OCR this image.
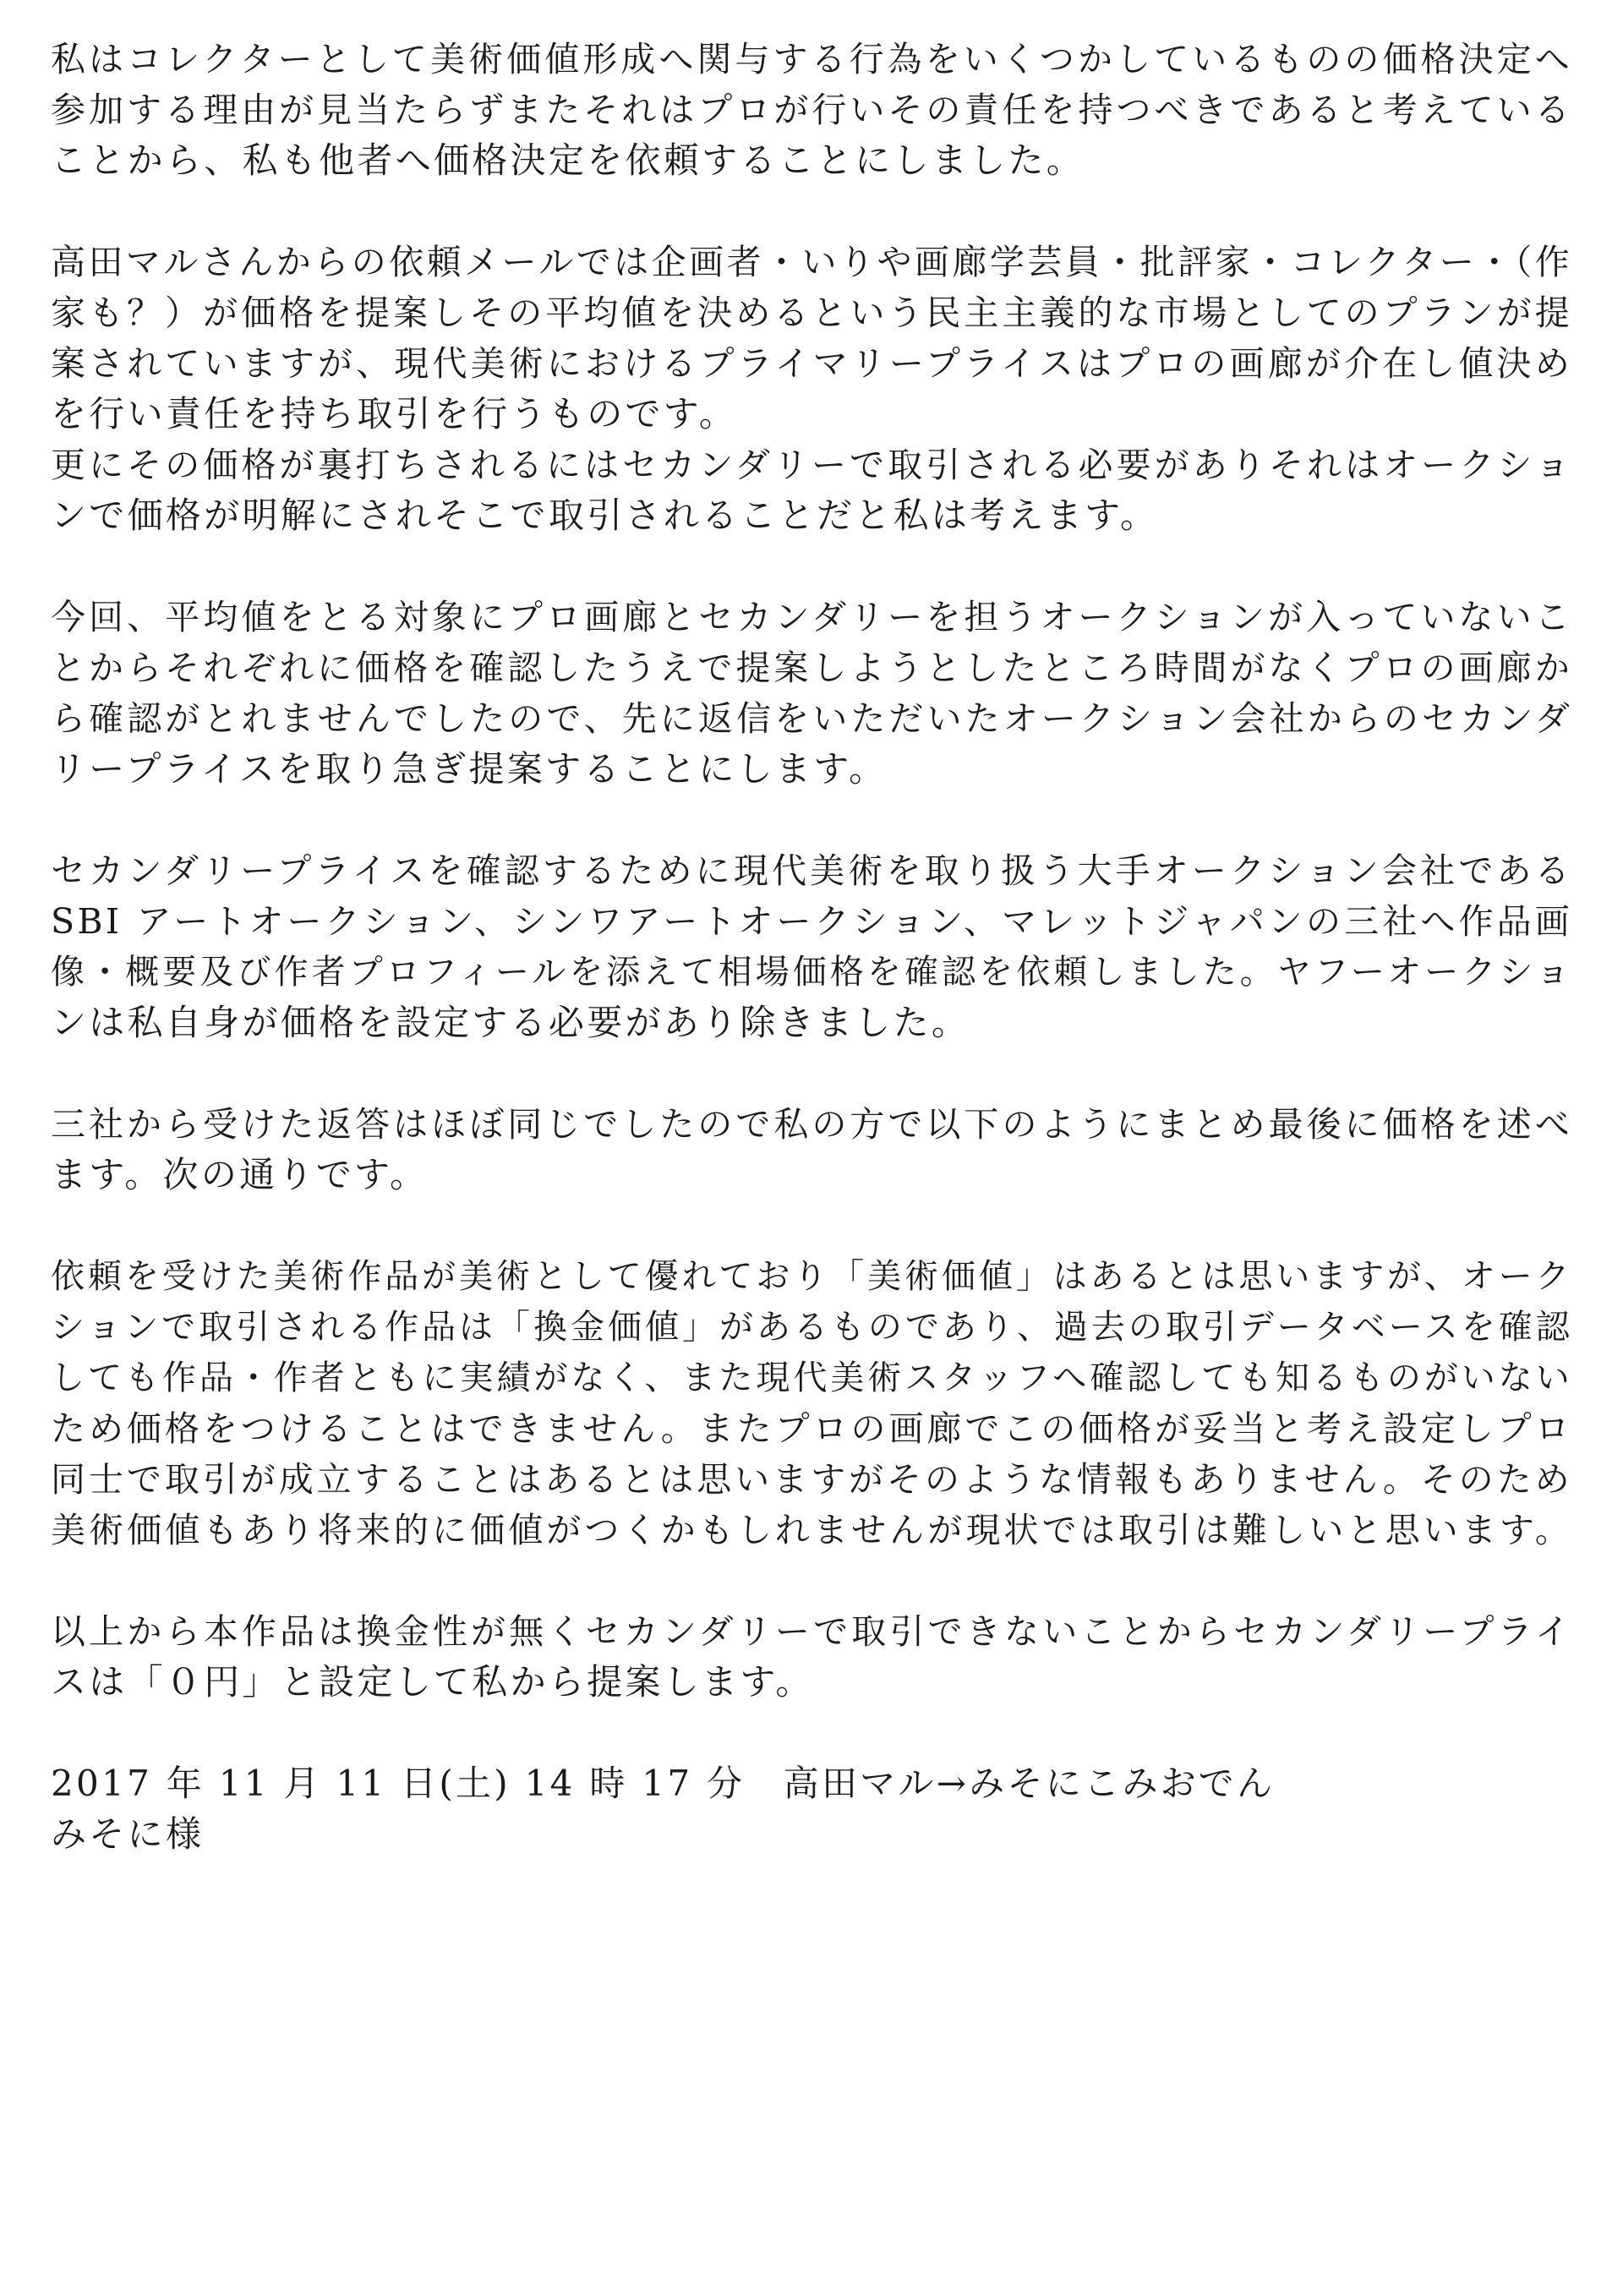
私はコレクターとして美術価値形成へ関与する行為をいくつかしているものの価格決定へ
参加する理由が見当たらずまたそれはプロが行いその責任を持つべきであると考えている
ことから、私も他者へ価格決定を依頼することにしました。

高田マルさんからの依頼メールでは企画者・いりや画廊学芸員・批評家・コレクター・（作
家も？）が価格を提案しその平均値を決めるという民主主義的な市場としてのプランが提
案されていますが、現代美術におけるプライマリープライスはプロの画廊が介在し値決め
を行い責任を持ち取引を行うものです。
更にその価格が裏打ちされるにはセカンダリーで取引される必要がありそれはオークショ
ンで価格が明解にされそこで取引されることだと私は考えます。

今回、平均値をとる対象にプロ画廊とセカンダリーを担うオークションが入っていないこ
とからそれぞれに価格を確認したうえで提案しようとしたところ時間がなくプロの画廊か
ら確認がとれませんでしたので、先に返信をいただいたオークション会社からのセカンダ
リープライスを取り急ぎ提案することにします。

セカンダリープライスを確認するために現代美術を取り扱う大手オークション会社である
SBI アートオークション、シンワアートオークション、マレットジャパンの三社へ作品画
像・概要及び作者プロフィールを添えて相場価格を確認を依頼しました。ヤフーオークショ
ンは私自身が価格を設定する必要があり除きました。

三社から受けた返答はほぼ同じでしたので私の方で以下のようにまとめ最後に価格を述べ
ます。次の通りです。

依頼を受けた美術作品が美術として優れており「美術価値」はあるとは思いますが、オーク
ションで取引される作品は「換金価値」があるものであり、過去の取引データベースを確認
しても作品・作者ともに実績がなく、また現代美術スタッフへ確認しても知るものがいない
ため価格をつけることはできません。またプロの画廊でこの価格が妥当と考え設定しプロ
同士で取引が成立することはあるとは思いますがそのような情報もありません。そのため
美術価値もあり将来的に価値がつくかもしれませんが現状では取引は難しいと思います。

以上から本作品は換金性が無くセカンダリーで取引できないことからセカンダリープライ
スは「０円」と設定して私から提案します。

2017 年 11 月 11 日(土) 14 時 17 分　高田マル→みそにこみおでん
みそに様
